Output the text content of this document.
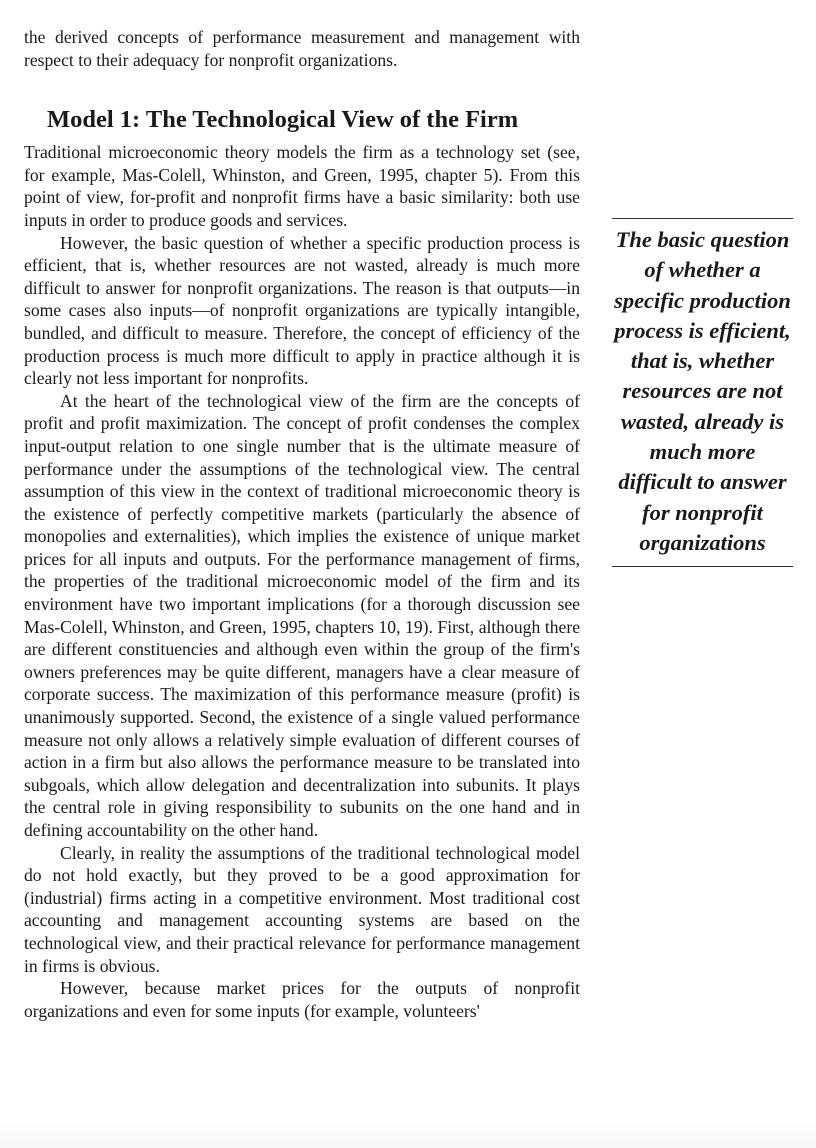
the derived concepts of performance measurement and management with respect to their adequacy for nonprofit organizations.

Model 1: The Technological View of the Firm

Traditional microeconomic theory models the firm as a technology set (see, for example, Mas-Colell, Whinston, and Green, 1995, chapter 5). From this point of view, for-profit and nonprofit firms have a basic similarity: both use inputs in order to produce goods and services.

However, the basic question of whether a specific production process is efficient, that is, whether resources are not wasted, already is much more difficult to answer for nonprofit organizations. The reason is that outputs—in some cases also inputs—of nonprofit organizations are typically intangible, bundled, and difficult to measure. Therefore, the concept of efficiency of the production process is much more difficult to apply in practice although it is clearly not less important for nonprofits.

At the heart of the technological view of the firm are the concepts of profit and profit maximization. The concept of profit condenses the complex input-output relation to one single number that is the ultimate measure of performance under the assumptions of the technological view. The central assumption of this view in the context of traditional microeconomic theory is the existence of perfectly competitive markets (particularly the absence of monopolies and externalities), which implies the existence of unique market prices for all inputs and outputs. For the performance management of firms, the properties of the traditional microeconomic model of the firm and its environment have two important implications (for a thorough discussion see Mas-Colell, Whinston, and Green, 1995, chapters 10, 19). First, although there are different constituencies and although even within the group of the firm's owners preferences may be quite different, managers have a clear measure of corporate success. The maximization of this performance measure (profit) is unanimously supported. Second, the existence of a single valued performance measure not only allows a relatively simple evaluation of different courses of action in a firm but also allows the performance measure to be translated into subgoals, which allow delegation and decentralization into subunits. It plays the central role in giving responsibility to subunits on the one hand and in defining accountability on the other hand.

Clearly, in reality the assumptions of the traditional technological model do not hold exactly, but they proved to be a good approximation for (industrial) firms acting in a competitive environment. Most traditional cost accounting and management accounting systems are based on the technological view, and their practical relevance for performance management in firms is obvious.

However, because market prices for the outputs of nonprofit organizations and even for some inputs (for example, volunteers'

The basic question of whether a specific production process is efficient, that is, whether resources are not wasted, already is much more difficult to answer for nonprofit organizations
